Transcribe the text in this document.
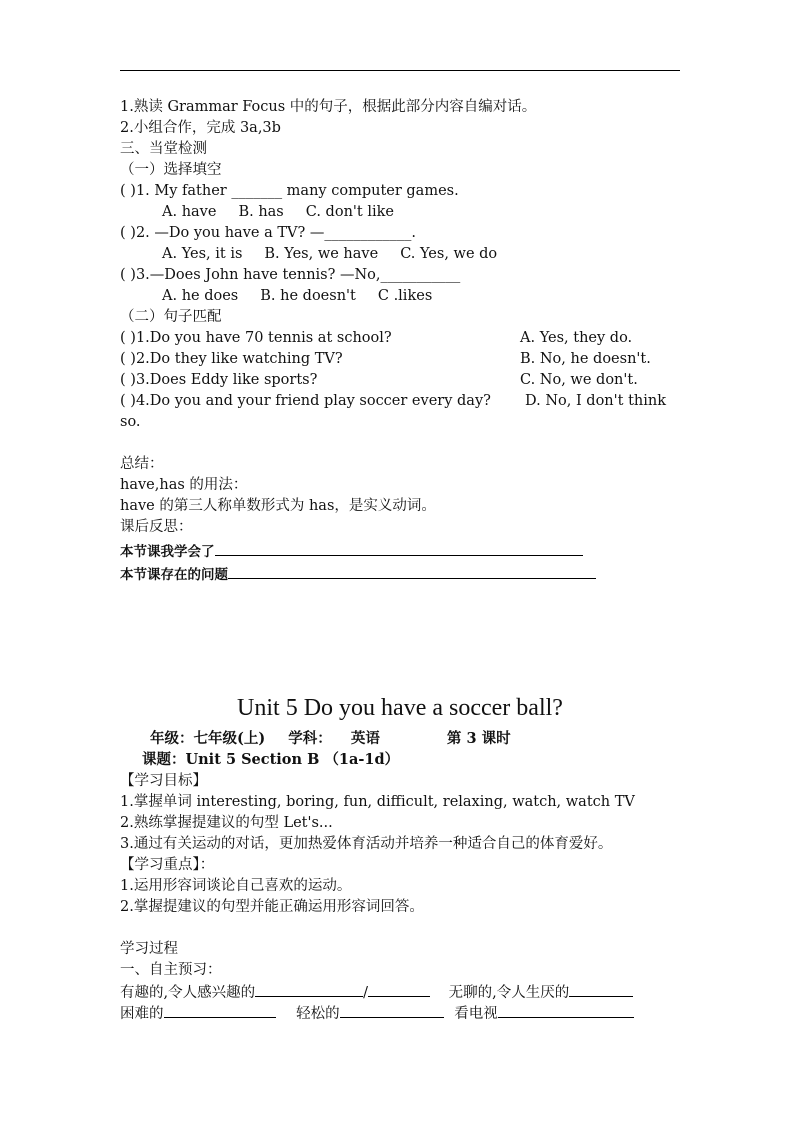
1.熟读 Grammar Focus 中的句子，根据此部分内容自编对话。
2.小组合作，完成 3a,3b
三、当堂检测
（一）选择填空
( )1. My father _______ many computer games.
A. have B. has C. don't like
( )2. —Do you have a TV? —____________.
A. Yes, it is B. Yes, we have C. Yes, we do
( )3.—Does John have tennis? —No,___________
A. he does B. he doesn't C .likes
（二）句子匹配
( )1.Do you have 70 tennis at school?	A. Yes, they do.
( )2.Do they like watching TV?	B. No, he doesn't.
( )3.Does Eddy like sports?	C. No, we don't.
( )4.Do you and your friend play soccer every day? D. No, I don't think
so.
总结：
have,has 的用法：
have 的第三人称单数形式为 has，是实义动词。
课后反思：
本节课我学会了
本节课存在的问题
Unit 5 Do you have a soccer ball?
年级：七年级(上) 学科： 英语	第 3 课时
课题：Unit 5 Section B （1a-1d）
【学习目标】
1.掌握单词 interesting, boring, fun, difficult, relaxing, watch, watch TV
2.熟练掌握提建议的句型 Let's...
3.通过有关运动的对话，更加热爱体育活动并培养一种适合自己的体育爱好。
【学习重点】：
1.运用形容词谈论自己喜欢的运动。
2.掌握提建议的句型并能正确运用形容词回答。
学习过程
一、自主预习：
有趣的,令人感兴趣的	/	无聊的,令人生厌的
困难的	轻松的	看电视
